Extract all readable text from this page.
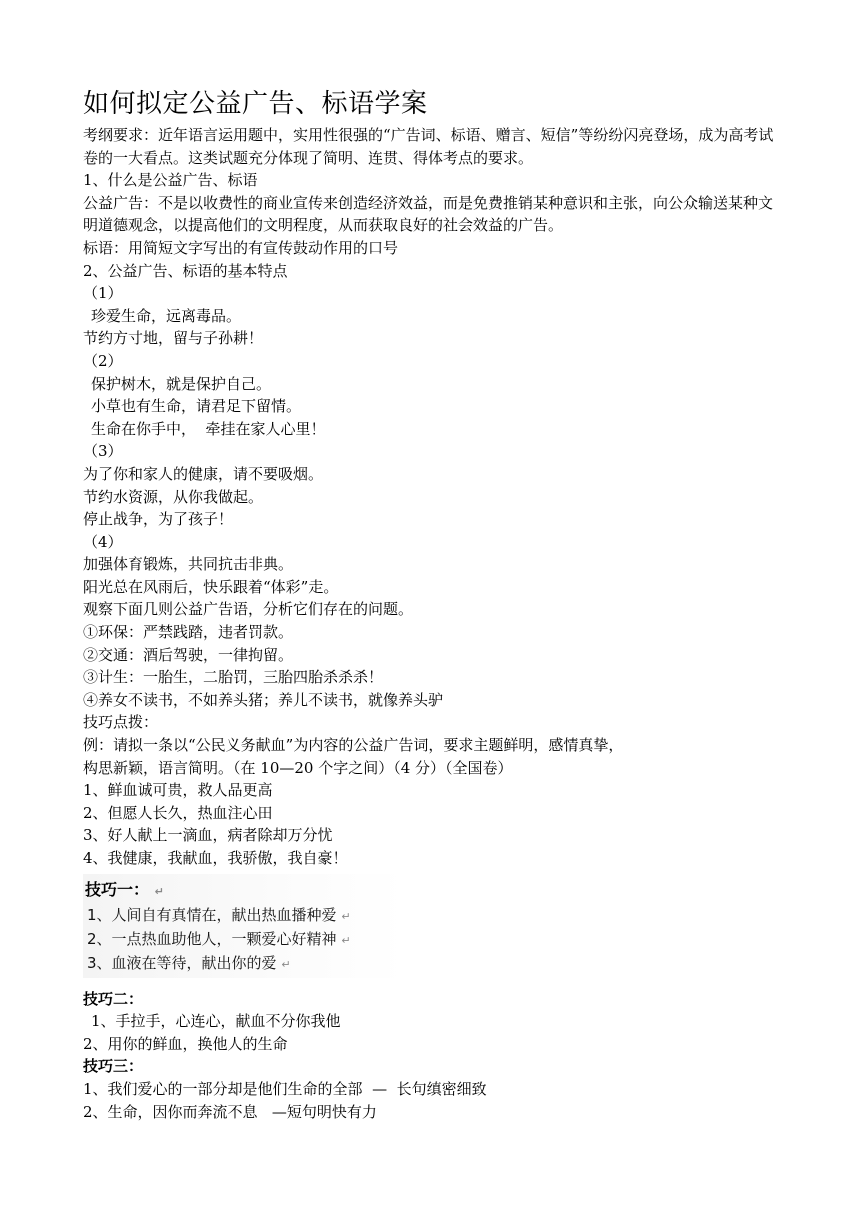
如何拟定公益广告、标语学案

考纲要求：近年语言运用题中，实用性很强的“广告词、标语、赠言、短信”等纷纷闪亮登场，成为高考试卷的一大看点。这类试题充分体现了简明、连贯、得体考点的要求。

1、什么是公益广告、标语

公益广告：不是以收费性的商业宣传来创造经济效益，而是免费推销某种意识和主张，向公众输送某种文明道德观念，以提高他们的文明程度，从而获取良好的社会效益的广告。

标语：用简短文字写出的有宣传鼓动作用的口号

2、公益广告、标语的基本特点

（1）

珍爱生命，远离毒品。

节约方寸地，留与子孙耕！

（2）

保护树木，就是保护自己。

小草也有生命，请君足下留情。

生命在你手中，  牵挂在家人心里！

（3）

为了你和家人的健康，请不要吸烟。

节约水资源，从你我做起。

停止战争，为了孩子！

（4）

加强体育锻炼，共同抗击非典。

阳光总在风雨后，快乐跟着“体彩”走。

观察下面几则公益广告语，分析它们存在的问题。

①环保：严禁践踏，违者罚款。

②交通：酒后驾驶，一律拘留。

③计生：一胎生，二胎罚，三胎四胎杀杀杀！

④养女不读书，不如养头猪；养儿不读书，就像养头驴

技巧点拨：

例：请拟一条以“公民义务献血”为内容的公益广告词，要求主题鲜明，感情真挚，

构思新颖，语言简明。（在 10—20 个字之间）（4 分）（全国卷）

1、鲜血诚可贵，救人品更高

2、但愿人长久，热血注心田

3、好人献上一滴血，病者除却万分忧

4、我健康，我献血，我骄傲，我自豪！

技巧一： ↵
1、人间自有真情在，献出热血播种爱 ↵
2、一点热血助他人，一颗爱心好精神 ↵
3、血液在等待，献出你的爱 ↵

技巧二：

1、手拉手，心连心，献血不分你我他

2、用你的鲜血，换他人的生命

技巧三：

1、我们爱心的一部分却是他们生命的全部  —  长句缜密细致

2、生命，因你而奔流不息   —短句明快有力
